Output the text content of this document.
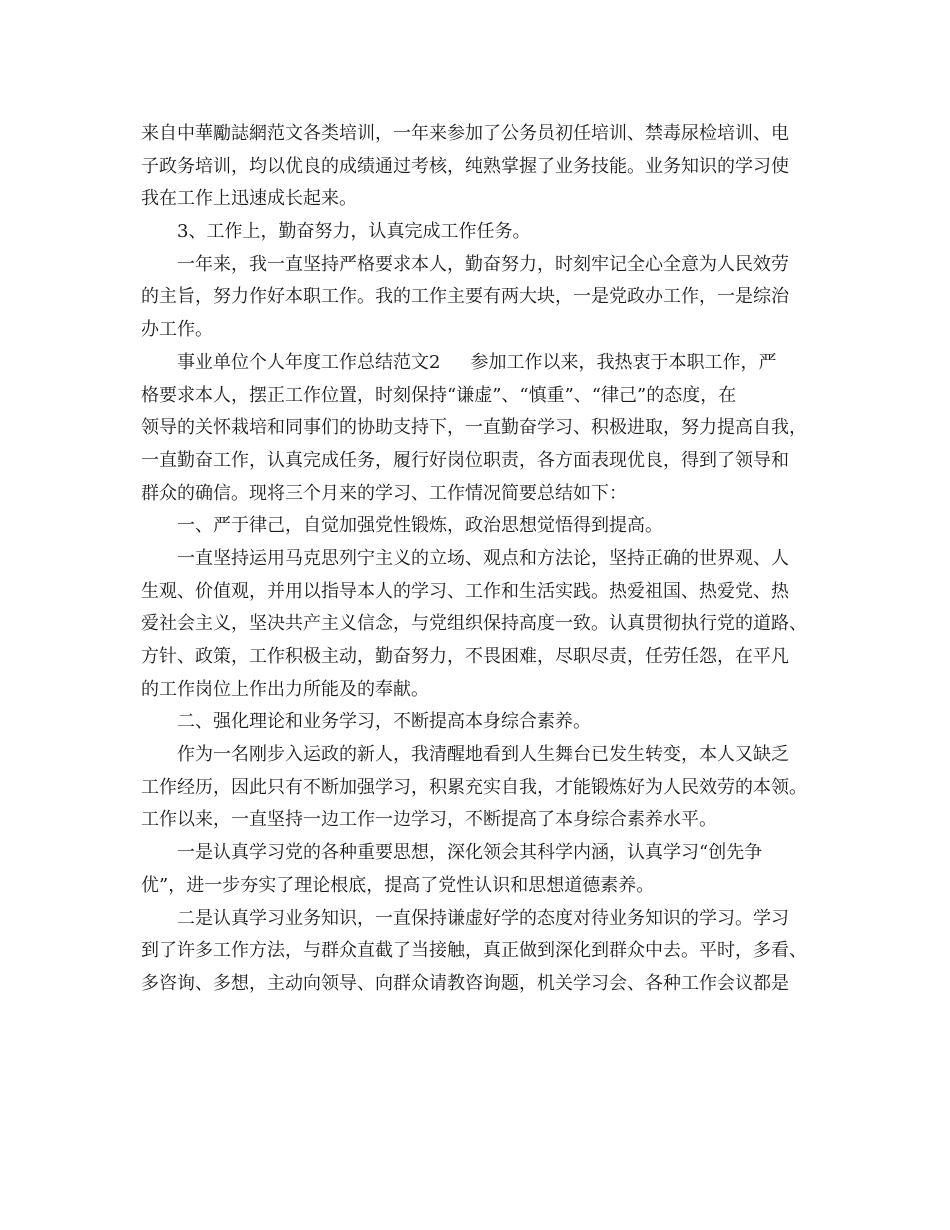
来自中華勵誌網范文各类培训，一年来参加了公务员初任培训、禁毒尿检培训、电
子政务培训，均以优良的成绩通过考核，纯熟掌握了业务技能。业务知识的学习使
我在工作上迅速成长起来。
3、工作上，勤奋努力，认真完成工作任务。
一年来，我一直坚持严格要求本人，勤奋努力，时刻牢记全心全意为人民效劳
的主旨，努力作好本职工作。我的工作主要有两大块，一是党政办工作，一是综治
办工作。
事业单位个人年度工作总结范文2 参加工作以来，我热衷于本职工作，严
格要求本人，摆正工作位置，时刻保持“谦虚”、“慎重”、“律己”的态度，在
领导的关怀栽培和同事们的协助支持下，一直勤奋学习、积极进取，努力提高自我，
一直勤奋工作，认真完成任务，履行好岗位职责，各方面表现优良，得到了领导和
群众的确信。现将三个月来的学习、工作情况简要总结如下：
一、严于律己，自觉加强党性锻炼，政治思想觉悟得到提高。
一直坚持运用马克思列宁主义的立场、观点和方法论，坚持正确的世界观、人
生观、价值观，并用以指导本人的学习、工作和生活实践。热爱祖国、热爱党、热
爱社会主义，坚决共产主义信念，与党组织保持高度一致。认真贯彻执行党的道路、
方针、政策，工作积极主动，勤奋努力，不畏困难，尽职尽责，任劳任怨，在平凡
的工作岗位上作出力所能及的奉献。
二、强化理论和业务学习，不断提高本身综合素养。
作为一名刚步入运政的新人，我清醒地看到人生舞台已发生转变，本人又缺乏
工作经历，因此只有不断加强学习，积累充实自我，才能锻炼好为人民效劳的本领。
工作以来，一直坚持一边工作一边学习，不断提高了本身综合素养水平。
一是认真学习党的各种重要思想，深化领会其科学内涵，认真学习“创先争
优”，进一步夯实了理论根底，提高了党性认识和思想道德素养。
二是认真学习业务知识，一直保持谦虚好学的态度对待业务知识的学习。学习
到了许多工作方法，与群众直截了当接触，真正做到深化到群众中去。平时，多看、
多咨询、多想，主动向领导、向群众请教咨询题，机关学习会、各种工作会议都是
